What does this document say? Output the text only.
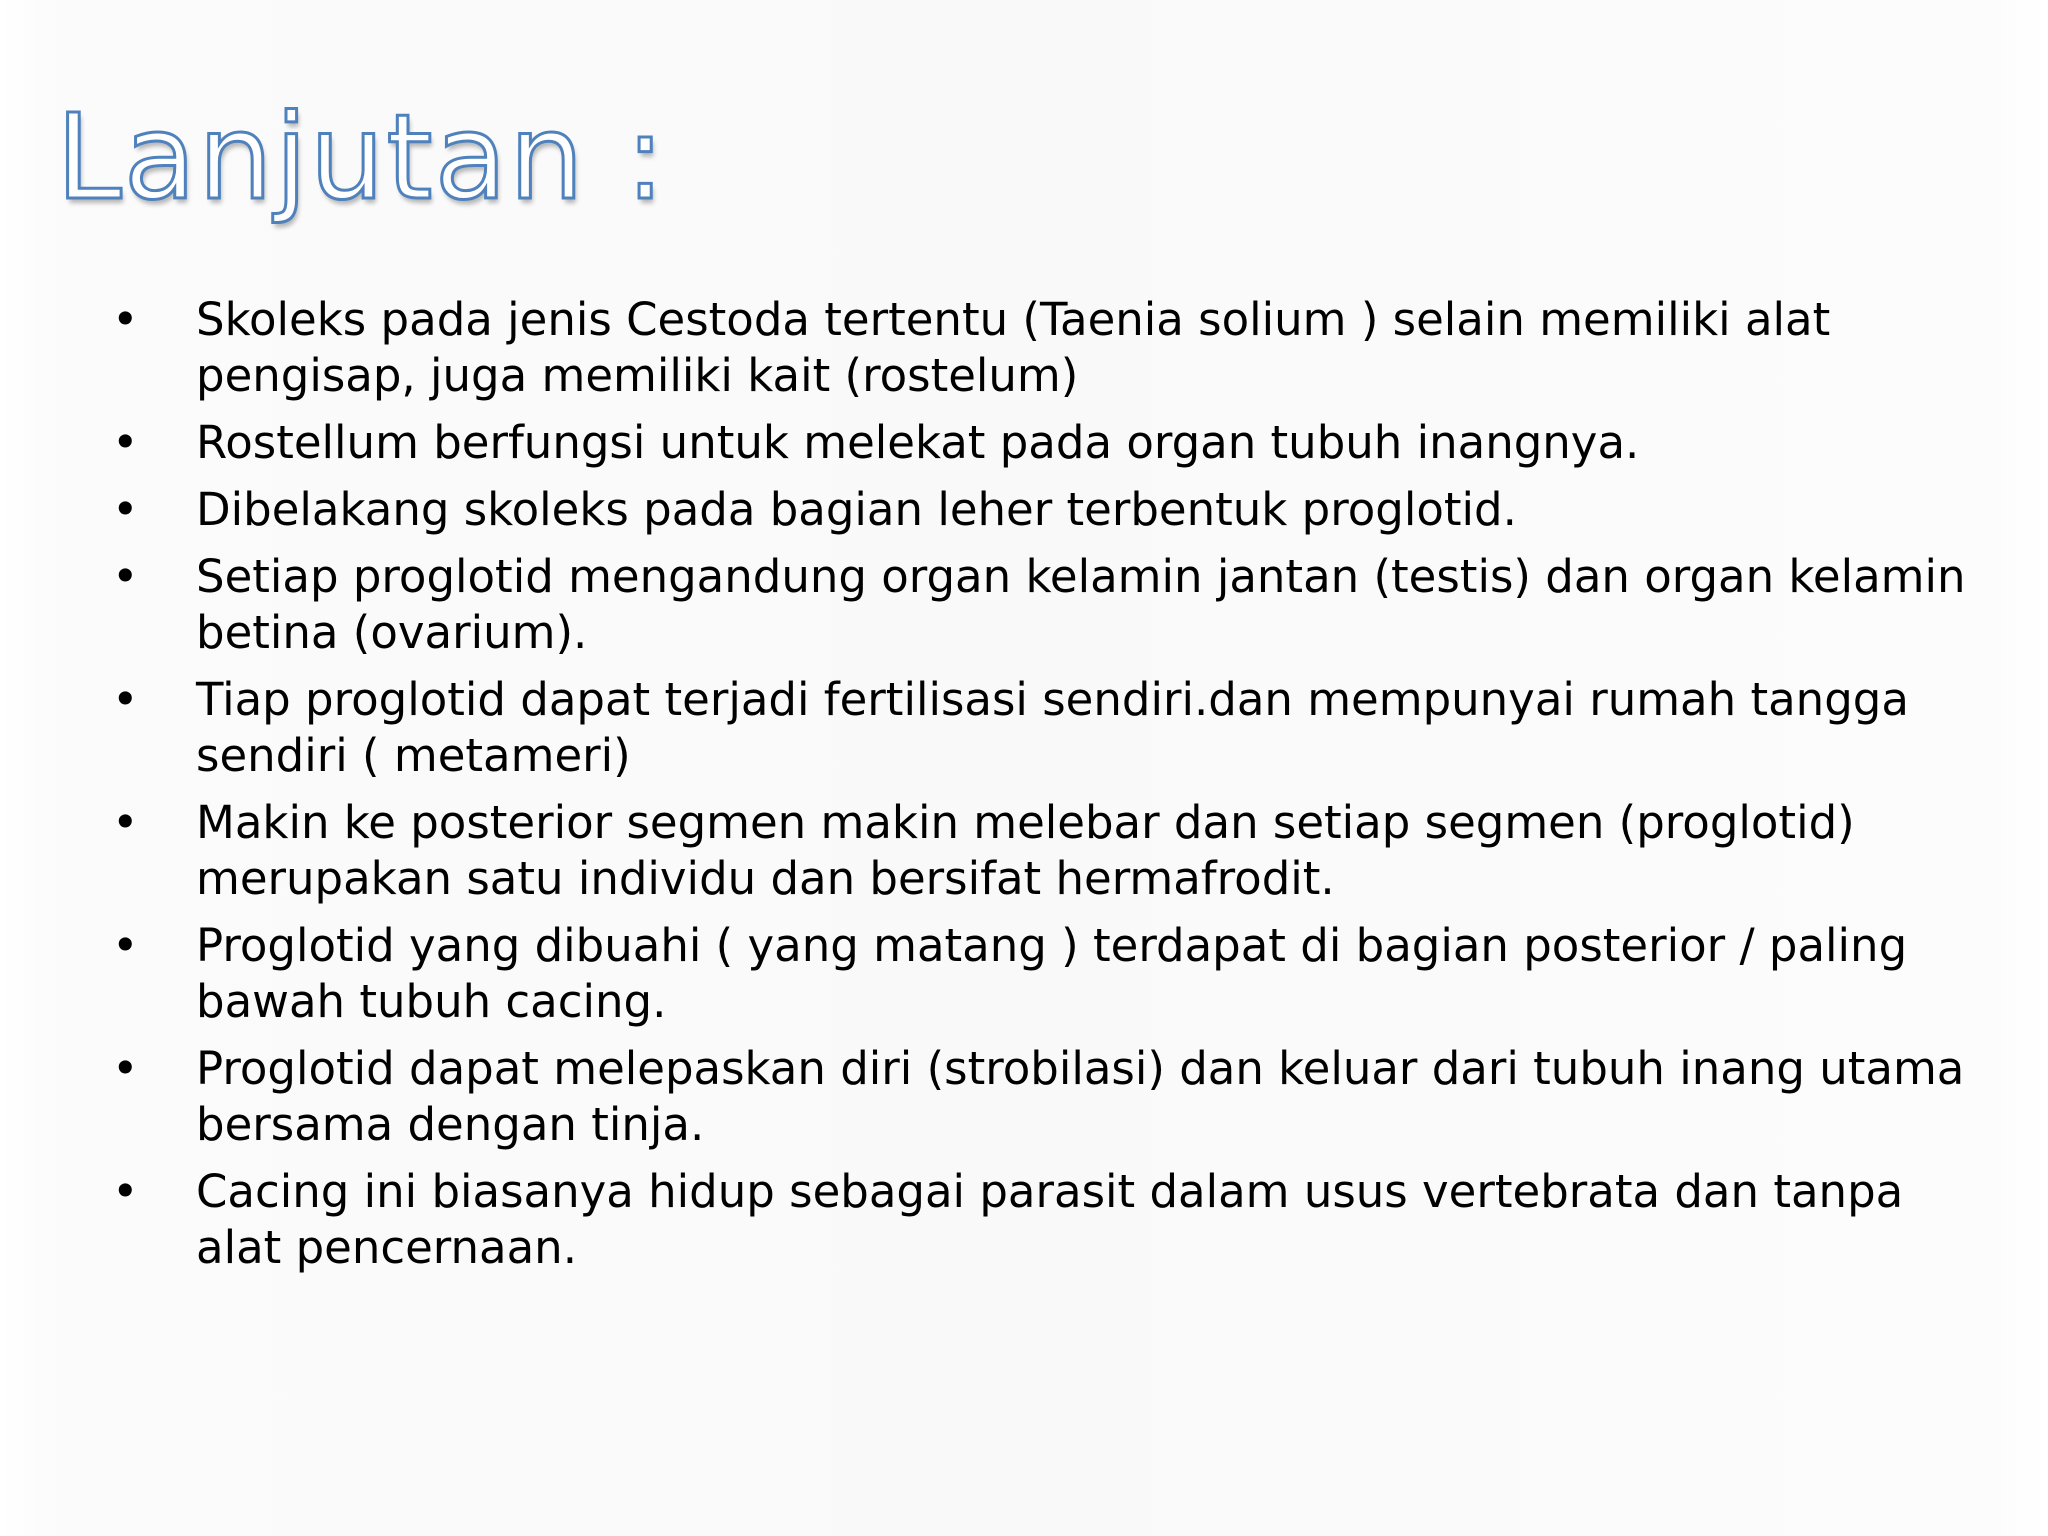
Lanjutan :
• Skoleks pada jenis Cestoda tertentu (Taenia solium ) selain memiliki alat pengisap, juga memiliki kait (rostelum)
• Rostellum berfungsi untuk melekat pada organ tubuh inangnya.
• Dibelakang skoleks pada bagian leher terbentuk proglotid.
• Setiap proglotid mengandung organ kelamin jantan (testis) dan organ kelamin betina (ovarium).
• Tiap proglotid dapat terjadi fertilisasi sendiri.dan mempunyai rumah tangga sendiri ( metameri)
• Makin ke posterior segmen makin melebar dan setiap segmen (proglotid) merupakan satu individu dan bersifat hermafrodit.
• Proglotid yang dibuahi ( yang matang ) terdapat di bagian posterior / paling bawah tubuh cacing.
• Proglotid dapat melepaskan diri (strobilasi) dan keluar dari tubuh inang utama bersama dengan tinja.
• Cacing ini biasanya hidup sebagai parasit dalam usus vertebrata dan tanpa alat pencernaan.
